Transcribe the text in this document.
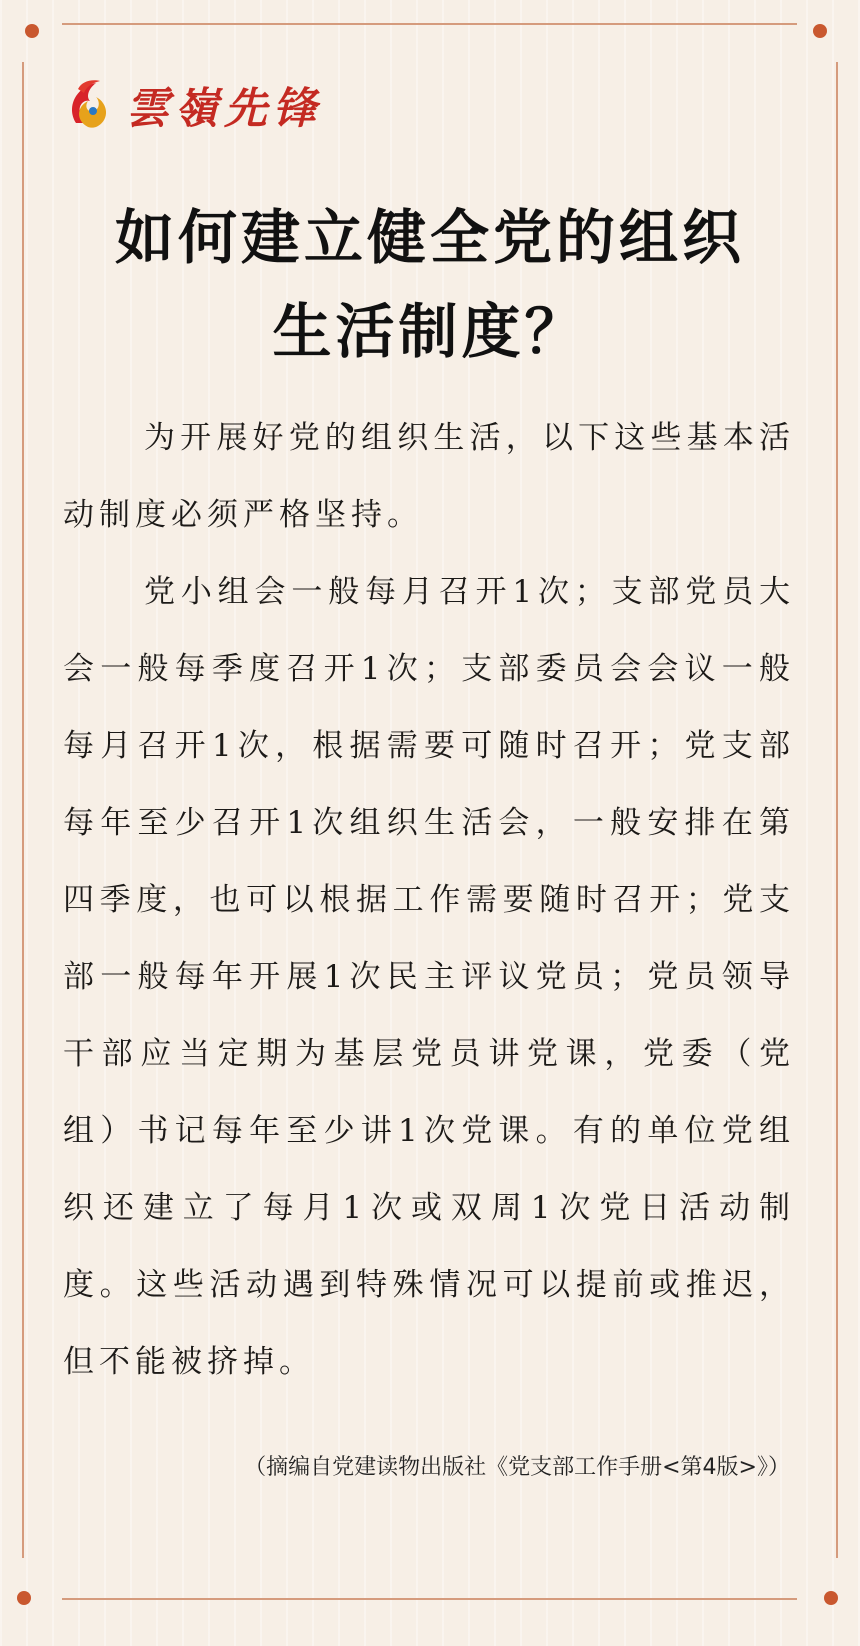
雲嶺先锋
如何建立健全党的组织
生活制度？

为开展好党的组织生活，以下这些基本活动制度必须严格坚持。

党小组会一般每月召开1次；支部党员大会一般每季度召开1次；支部委员会会议一般每月召开1次，根据需要可随时召开；党支部每年至少召开1次组织生活会，一般安排在第四季度，也可以根据工作需要随时召开；党支部一般每年开展1次民主评议党员；党员领导干部应当定期为基层党员讲党课，党委（党组）书记每年至少讲1次党课。有的单位党组织还建立了每月1次或双周1次党日活动制度。这些活动遇到特殊情况可以提前或推迟，但不能被挤掉。

（摘编自党建读物出版社《党支部工作手册<第4版>》）
